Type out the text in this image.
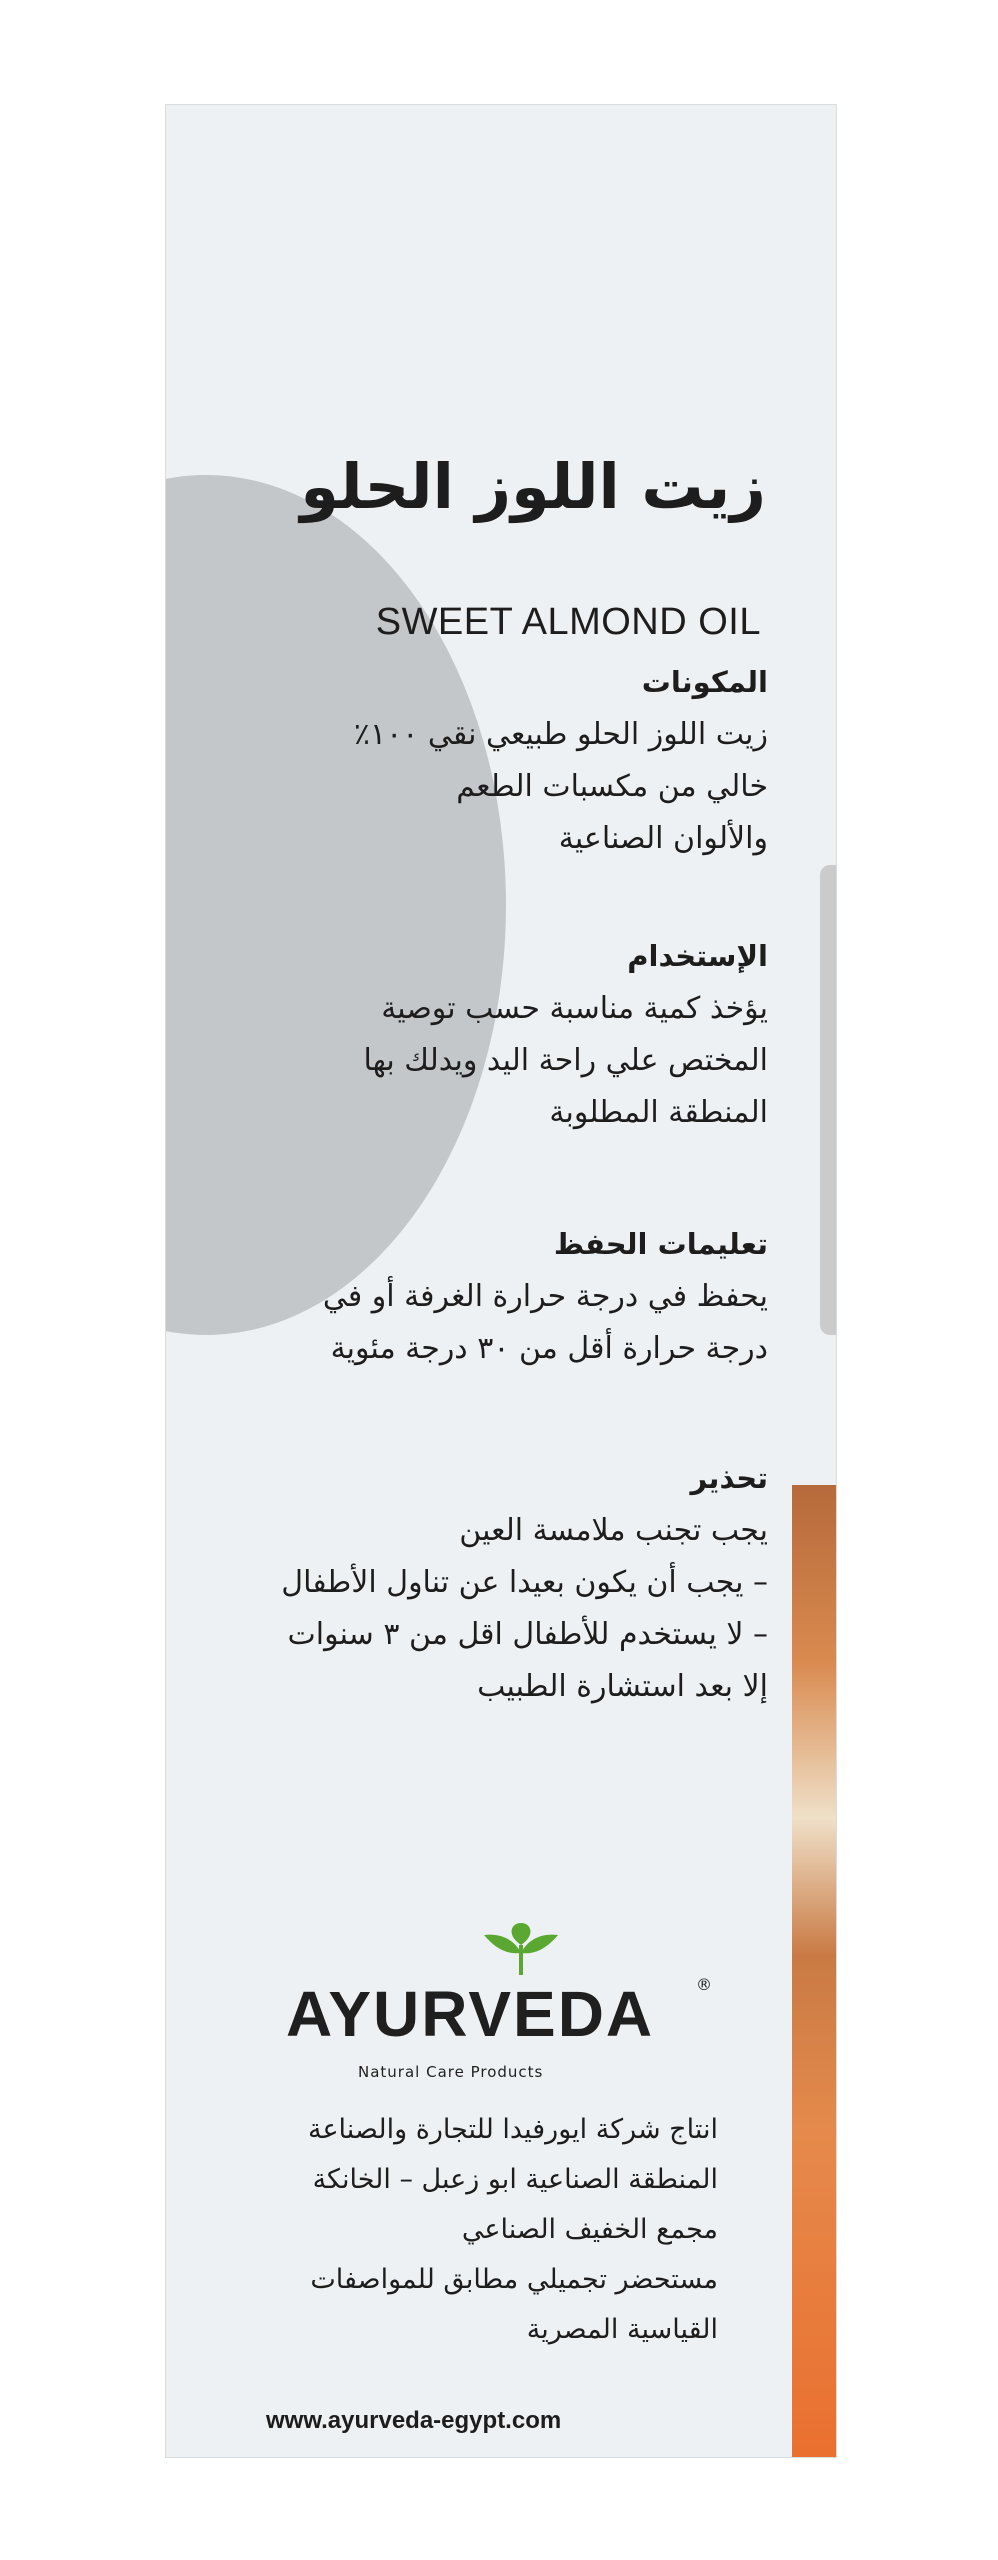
زيت اللوز الحلو
SWEET ALMOND OIL
المكونات
زيت اللوز الحلو طبيعي نقي ١٠٠٪
خالي من مكسبات الطعم
والألوان الصناعية
الإستخدام
يؤخذ كمية مناسبة حسب توصية
المختص علي راحة اليد ويدلك بها
المنطقة المطلوبة
تعليمات الحفظ
يحفظ في درجة حرارة الغرفة أو في
درجة حرارة أقل من ٣٠ درجة مئوية
تحذير
يجب تجنب ملامسة العين
– يجب أن يكون بعيدا عن تناول الأطفال
– لا يستخدم للأطفال اقل من ٣ سنوات
إلا بعد استشارة الطبيب
AYURVEDA	®
Natural Care Products
انتاج شركة ايورفيدا للتجارة والصناعة
المنطقة الصناعية ابو زعبل – الخانكة
مجمع الخفيف الصناعي
مستحضر تجميلي مطابق للمواصفات
القياسية المصرية
www.ayurveda-egypt.com
